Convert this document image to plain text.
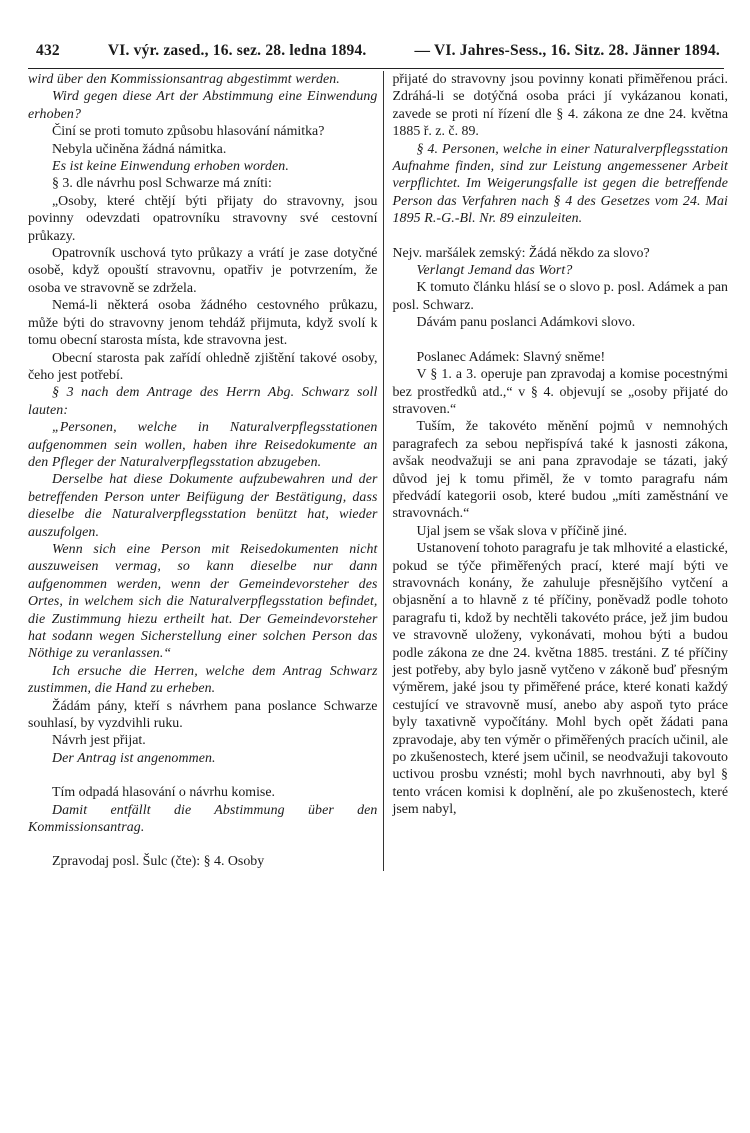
432	VI. výr. zased., 16. sez. 28. ledna 1894.	— VI. Jahres-Sess., 16. Sitz. 28. Jänner 1894.

wird über den Kommissionsantrag abgestimmt werden.

Wird gegen diese Art der Abstimmung eine Einwendung erhoben?

Činí se proti tomuto způsobu hlasování námitka?

Nebyla učiněna žádná námitka.

Es ist keine Einwendung erhoben worden.

§ 3. dle návrhu posl Schwarze má zníti:

„Osoby, které chtějí býti přijaty do stravovny, jsou povinny odevzdati opatrovníku stravovny své cestovní průkazy.

Opatrovník uschová tyto průkazy a vrátí je zase dotyčné osobě, když opouští stravovnu, opatřiv je potvrzením, že osoba ve stravovně se zdržela.

Nemá-li některá osoba žádného cestovného průkazu, může býti do stravovny jenom tehdáž přijmuta, když svolí k tomu obecní starosta místa, kde stravovna jest.

Obecní starosta pak zařídí ohledně zjištění takové osoby, čeho jest potřebí.

§ 3 nach dem Antrage des Herrn Abg. Schwarz soll lauten:

„Personen, welche in Naturalverpflegsstationen aufgenommen sein wollen, haben ihre Reisedokumente an den Pfleger der Naturalverpflegsstation abzugeben.

Derselbe hat diese Dokumente aufzubewahren und der betreffenden Person unter Beifügung der Bestätigung, dass dieselbe die Naturalverpflegsstation benützt hat, wieder auszufolgen.

Wenn sich eine Person mit Reisedokumenten nicht auszuweisen vermag, so kann dieselbe nur dann aufgenommen werden, wenn der Gemeindevorsteher des Ortes, in welchem sich die Naturalverpflegsstation befindet, die Zustimmung hiezu ertheilt hat. Der Gemeindevorsteher hat sodann wegen Sicherstellung einer solchen Person das Nöthige zu veranlassen.“

Ich ersuche die Herren, welche dem Antrag Schwarz zustimmen, die Hand zu erheben.

Žádám pány, kteří s návrhem pana poslance Schwarze souhlasí, by vyzdvihli ruku.

Návrh jest přijat.

Der Antrag ist angenommen.

Tím odpadá hlasování o návrhu komise.

Damit entfällt die Abstimmung über den Kommissionsantrag.

Zpravodaj posl. Šulc (čte): § 4. Osoby

přijaté do stravovny jsou povinny konati přiměřenou práci. Zdráhá-li se dotýčná osoba práci jí vykázanou konati, zavede se proti ní řízení dle § 4. zákona ze dne 24. května 1885 ř. z. č. 89.

§ 4. Personen, welche in einer Naturalverpflegsstation Aufnahme finden, sind zur Leistung angemessener Arbeit verpflichtet. Im Weigerungsfalle ist gegen die betreffende Person das Verfahren nach § 4 des Gesetzes vom 24. Mai 1895 R.-G.-Bl. Nr. 89 einzuleiten.

Nejv. maršálek zemský: Žádá někdo za slovo?

Verlangt Jemand das Wort?

K tomuto článku hlásí se o slovo p. posl. Adámek a pan posl. Schwarz.

Dávám panu poslanci Adámkovi slovo.

Poslanec Adámek: Slavný sněme!

V § 1. a 3. operuje pan zpravodaj a komise pocestnými bez prostředků atd.,“ v § 4. objevují se „osoby přijaté do stravoven.“

Tuším, že takovéto měnění pojmů v nemnohých paragrafech za sebou nepřispívá také k jasnosti zákona, avšak neodvažuji se ani pana zpravodaje se tázati, jaký důvod jej k tomu přiměl, že v tomto paragrafu nám předvádí kategorii osob, které budou „míti zaměstnání ve stravovnách.“

Ujal jsem se však slova v příčině jiné.

Ustanovení tohoto paragrafu je tak mlhovité a elastické, pokud se týče přiměřených prací, které mají býti ve stravovnách konány, že zahuluje přesnějšího vytčení a objasnění a to hlavně z té příčiny, poněvadž podle tohoto paragrafu ti, kdož by nechtěli takovéto práce, jež jim budou ve stravovně uloženy, vykonávati, mohou býti a budou podle zákona ze dne 24. května 1885. trestáni. Z té příčiny jest potřeby, aby bylo jasně vytčeno v zákoně buď přesným výměrem, jaké jsou ty přiměřené práce, které konati každý cestující ve stravovně musí, anebo aby aspoň tyto práce byly taxativně vypočítány. Mohl bych opět žádati pana zpravodaje, aby ten výměr o přiměřených pracích učinil, ale po zkušenostech, které jsem učinil, se neodvažuji takovouto uctivou prosbu vznésti; mohl bych navrhnouti, aby byl § tento vrácen komisi k doplnění, ale po zkušenostech, které jsem nabyl,
